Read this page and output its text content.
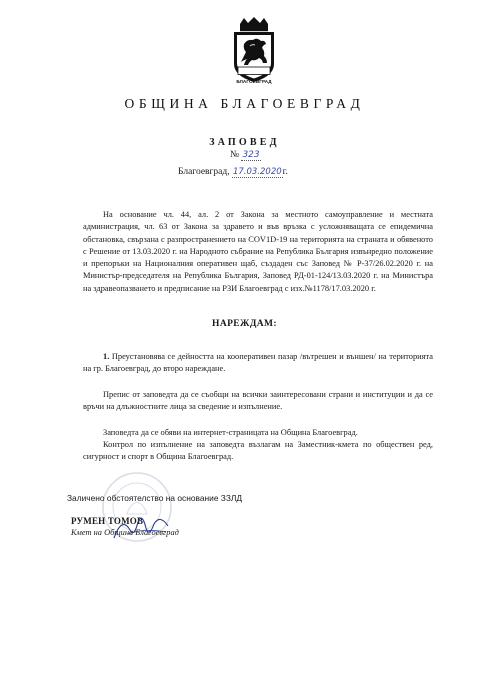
БЛАГОЕВГРАД
ОБЩИНА БЛАГОЕВГРАД
ЗАПОВЕД
№ 323
Благоевград, 17.03.2020г.
На основание чл. 44, ал. 2 от Закона за местното самоуправление и местната администрация, чл. 63 от Закона за здравето и във връзка с усложняващата се епидемична обстановка, свързана с разпространението на COV1D-19 на територията на страната и обявеното с Решение от 13.03.2020 г. на Народното събрание на Република България извънредно положение и препоръки на Националния оперативен щаб, създаден със Заповед № Р-37/26.02.2020 г. на Министър-председателя на Република България, Заповед РД-01-124/13.03.2020 г. на Министъра на здравеопазването и предписание на РЗИ Благоевград с изх.№1178/17.03.2020 г.
НАРЕЖДАМ:
1. Преустановява се дейността на кооперативен пазар /вътрешен и външен/ на територията на гр. Благоевград, до второ нареждане.
Препис от заповедта да се съобщи на всички заинтересовани страни и институции и да се връчи на длъжностните лица за сведение и изпълнение.
Заповедта да се обяви на интернет-страницата на Община Благоевград.
Контрол по изпълнение на заповедта възлагам на Заместник-кмета по обществен ред, сигурност и спорт в Община Благоевград.
Заличено обстоятелство на основание ЗЗЛД
РУМЕН ТОМОВ
Кмет на Община Благоевград
